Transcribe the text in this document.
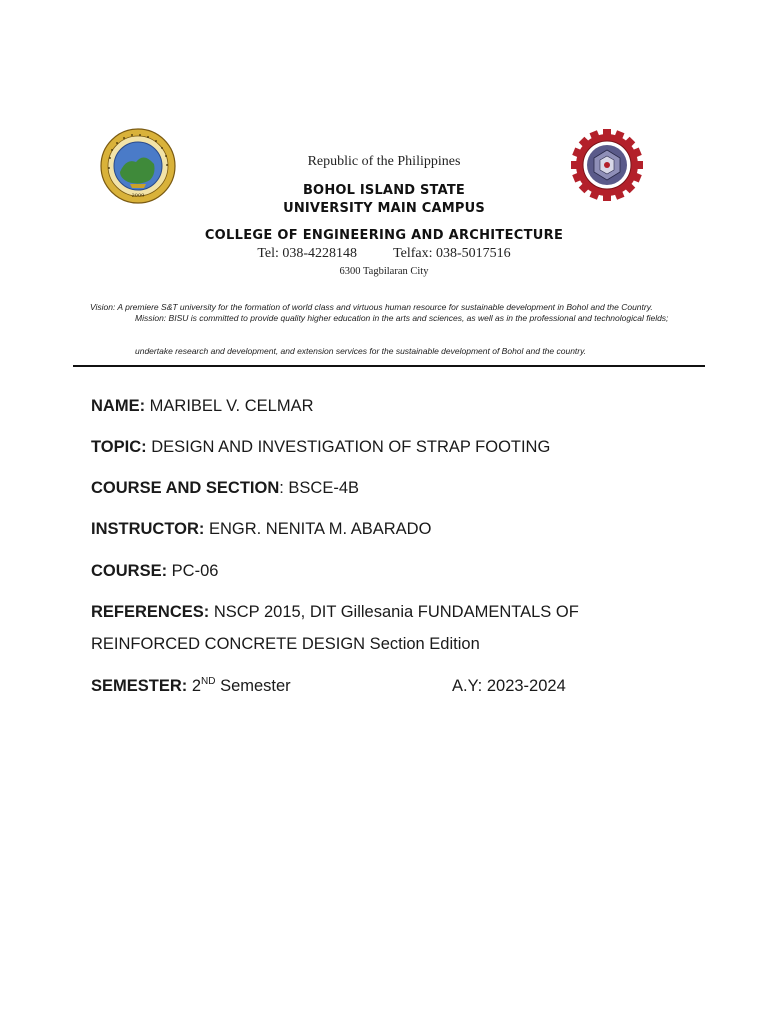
2009
Republic of the Philippines
BOHOL ISLAND STATE
UNIVERSITY MAIN CAMPUS
COLLEGE OF ENGINEERING AND ARCHITECTURE
Tel: 038-4228148	Telfax: 038-5017516
6300 Tagbilaran City
Vision: A premiere S&T university for the formation of world class and virtuous human resource for sustainable development in Bohol and the Country.
Mission: BISU is committed to provide quality higher education in the arts and sciences, as well as in the professional and technological fields;
undertake research and development, and extension services for the sustainable development of Bohol and the country.
NAME: MARIBEL V. CELMAR
TOPIC: DESIGN AND INVESTIGATION OF STRAP FOOTING
COURSE AND SECTION: BSCE-4B
INSTRUCTOR: ENGR. NENITA M. ABARADO
COURSE: PC-06
REFERENCES: NSCP 2015, DIT Gillesania FUNDAMENTALS OF
REINFORCED CONCRETE DESIGN Section Edition
SEMESTER: 2ND Semester	A.Y: 2023-2024
